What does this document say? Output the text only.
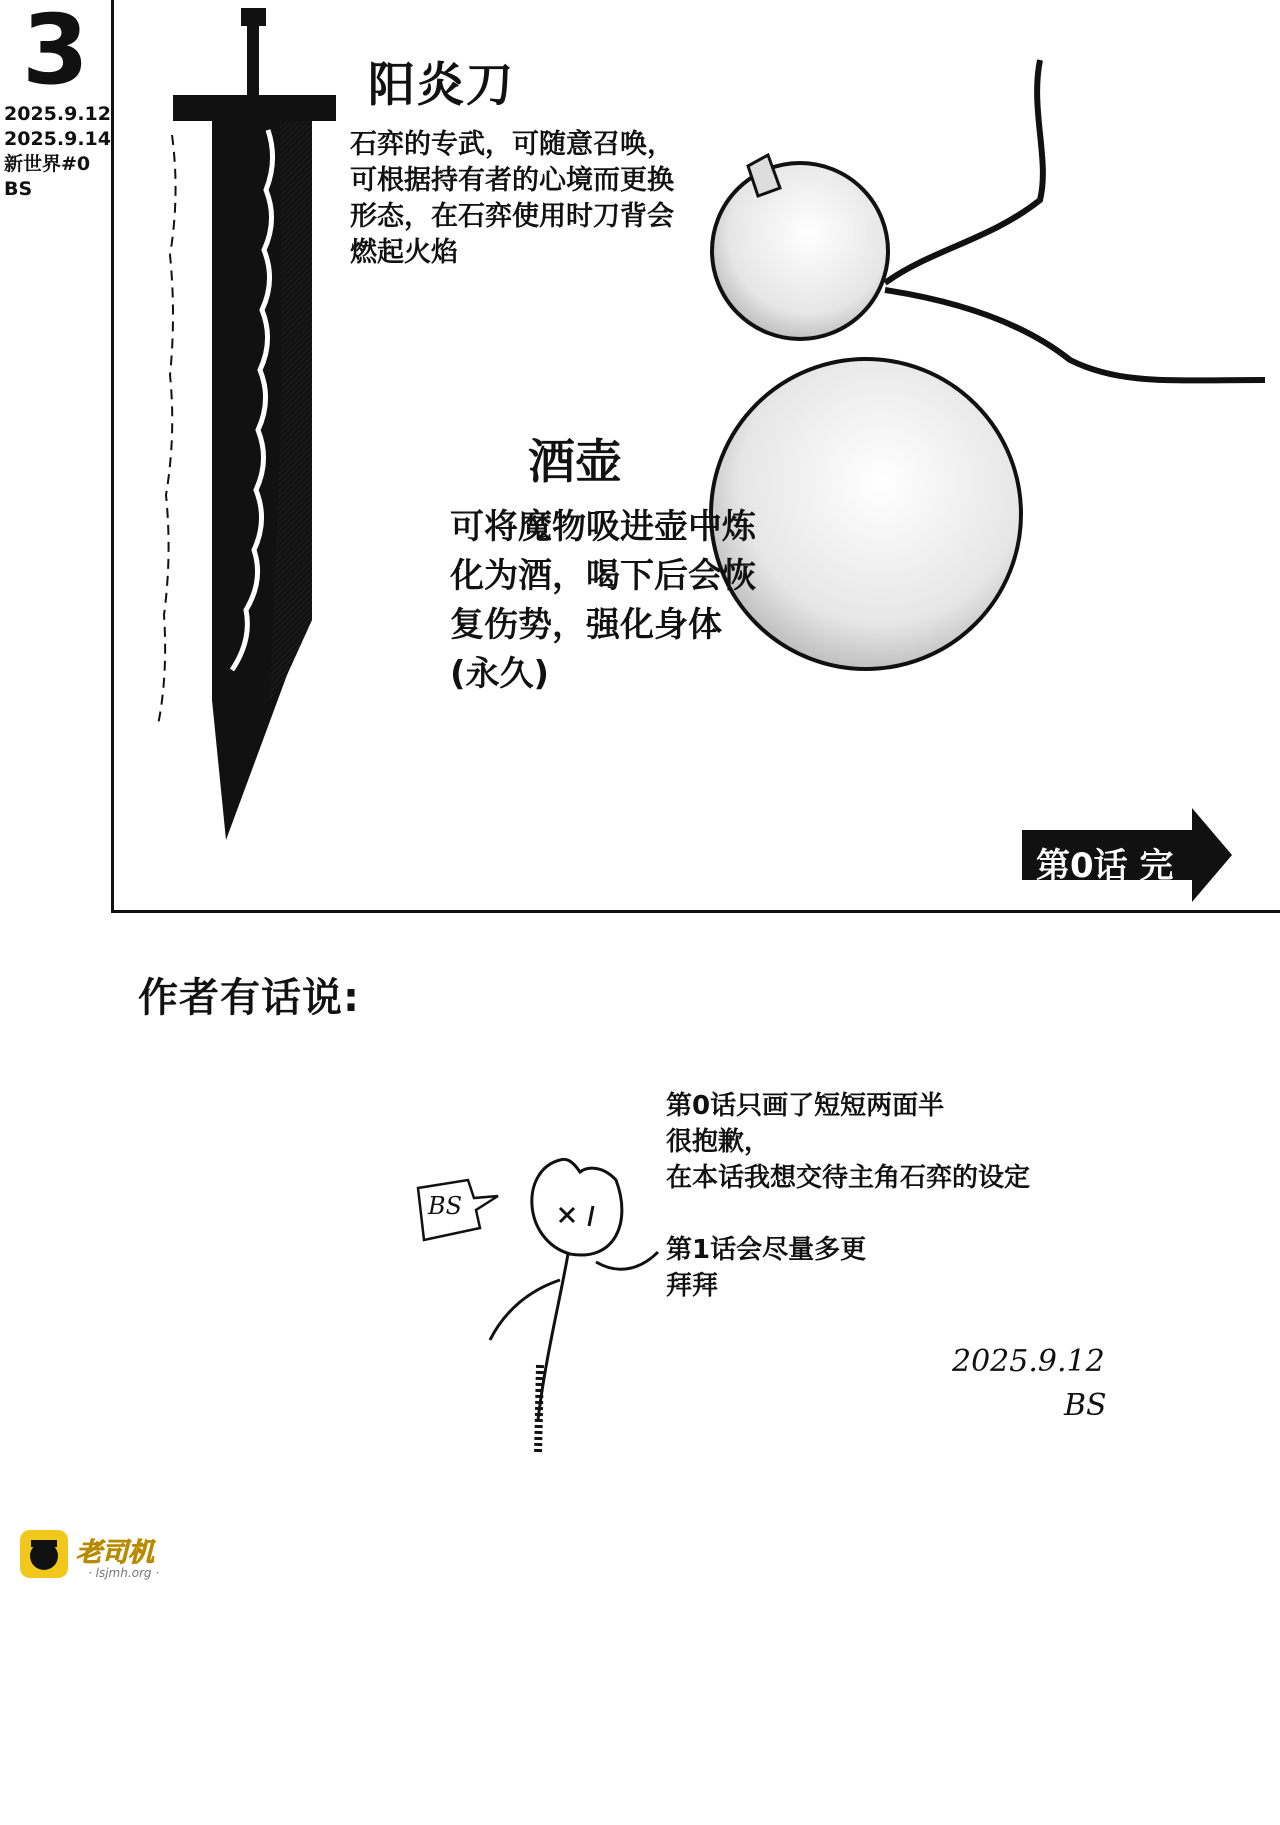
3
2025.9.12
2025.9.14
新世界#0
BS
阳炎刀
石弈的专武，可随意召唤，可根据持有者的心境而更换形态，在石弈使用时刀背会燃起火焰
酒壶
可将魔物吸进壶中炼化为酒，喝下后会恢复伤势，强化身体(永久)
第0话 完
作者有话说:
第0话只画了短短两面半
很抱歉，
在本话我想交待主角石弈的设定
第1话会尽量多更
拜拜
BS
2025.9.12
BS
老司机
· lsjmh.org ·
